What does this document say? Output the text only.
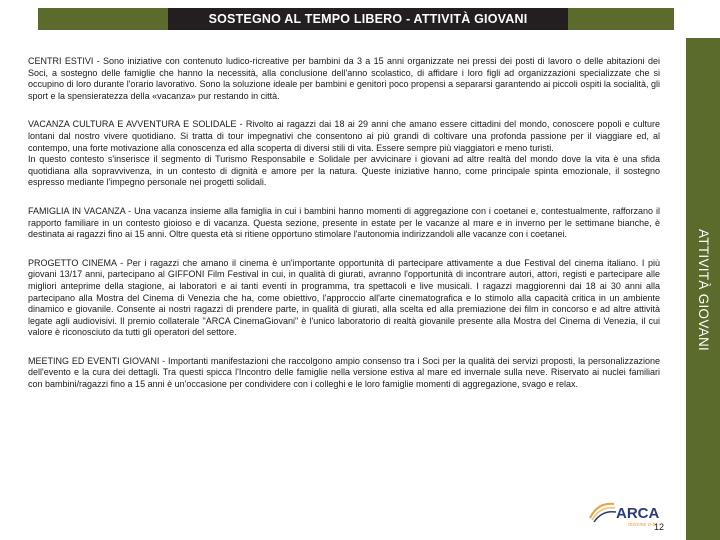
SOSTEGNO AL TEMPO LIBERO - ATTIVITÀ GIOVANI
ATTIVITÀ GIOVANI

CENTRI ESTIVI - Sono iniziative con contenuto ludico-ricreative per bambini da 3 a 15 anni organizzate nei pressi dei posti di lavoro o delle abitazioni dei Soci, a sostegno delle famiglie che hanno la necessità, alla conclusione dell'anno scolastico, di affidare i loro figli ad organizzazioni specializzate che si occupino di loro durante l'orario lavorativo. Sono la soluzione ideale per bambini e genitori poco propensi a separarsi garantendo ai piccoli ospiti la socialità, gli sport e la spensieratezza della «vacanza» pur restando in città.

VACANZA CULTURA E AVVENTURA E SOLIDALE - Rivolto ai ragazzi dai 18 ai 29 anni che amano essere cittadini del mondo, conoscere popoli e culture lontani dal nostro vivere quotidiano. Si tratta di tour impegnativi che consentono ai più grandi di coltivare una profonda passione per il viaggiare ed, al contempo, una forte motivazione alla conoscenza ed alla scoperta di diversi stili di vita. Essere sempre più viaggiatori e meno turisti.

In questo contesto s'inserisce il segmento di Turismo Responsabile e Solidale per avvicinare i giovani ad altre realtà del mondo dove la vita è una sfida quotidiana alla sopravvivenza, in un contesto di dignità e amore per la natura. Queste iniziative hanno, come principale spinta emozionale, il sostegno espresso mediante l'impegno personale nei progetti solidali.

FAMIGLIA IN VACANZA - Una vacanza insieme alla famiglia in cui i bambini hanno momenti di aggregazione con i coetanei e, contestualmente, rafforzano il rapporto familiare in un contesto gioioso e di vacanza. Questa sezione, presente in estate per le vacanze al mare e in inverno per le settimane bianche, è destinata ai ragazzi fino ai 15 anni. Oltre questa età si ritiene opportuno stimolare l'autonomia indirizzandoli alle vacanze con i coetanei.

PROGETTO CINEMA - Per i ragazzi che amano il cinema è un'importante opportunità di partecipare attivamente a due Festival del cinema italiano. I più giovani 13/17 anni, partecipano al GIFFONI Film Festival in cui, in qualità di giurati, avranno l'opportunità di incontrare autori, attori, registi e partecipare alle migliori anteprime della stagione, ai laboratori e ai tanti eventi in programma, tra spettacoli e live musicali. I ragazzi maggiorenni dai 18 ai 30 anni alla partecipano alla Mostra del Cinema di Venezia che ha, come obiettivo, l'approccio all'arte cinematografica e lo stimolo alla capacità critica in un ambiente dinamico e giovanile. Consente ai nostri ragazzi di prendere parte, in qualità di giurati, alla scelta ed alla premiazione dei film in concorso e ad altre attività legate agli audiovisivi. Il premio collaterale "ARCA CinemaGiovani" è l'unico laboratorio di realtà giovanile presente alla Mostra del Cinema di Venezia, il cui valore è riconosciuto da tutti gli operatori del settore.

MEETING ED EVENTI GIOVANI - Importanti manifestazioni che raccolgono ampio consenso tra i Soci per la qualità dei servizi proposti, la personalizzazione dell'evento e la cura dei dettagli. Tra questi spicca l'Incontro delle famiglie nella versione estiva al mare ed invernale sulla neve. Riservato ai nuclei familiari con bambini/ragazzi fino a 15 anni è un'occasione per condividere con i colleghi e le loro famiglie momenti di aggregazione, svago e relax.

ARCA
insieme a te
12
